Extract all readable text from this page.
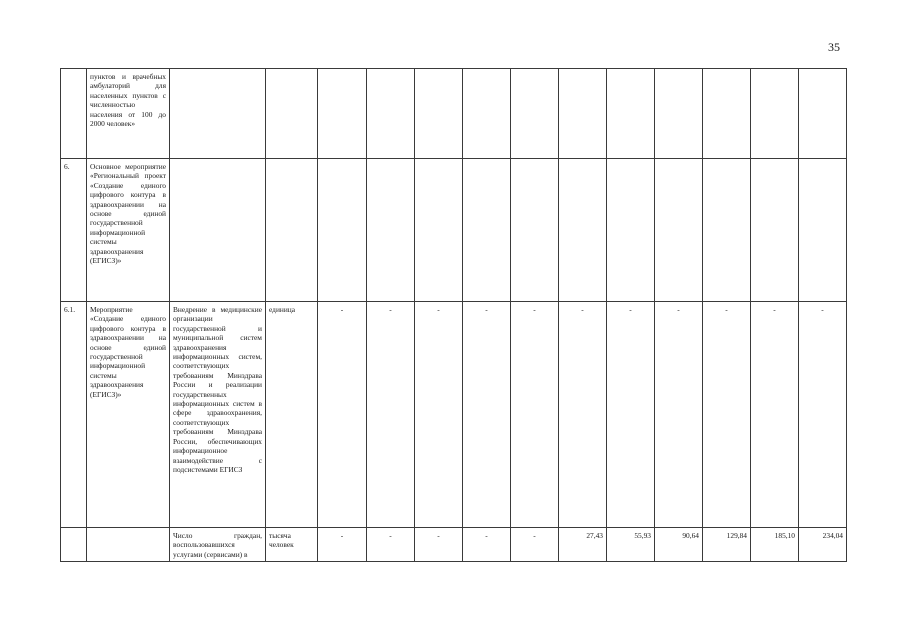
35
	пунктов и врачебных амбулаторий для населенных пунктов с численностью населения от 100 до 2000 человек»													
6.	Основное мероприятие «Региональный проект «Создание единого цифрового контура в здравоохранении на основе единой государственной информационной системы здравоохранения (ЕГИСЗ)»													
6.1.	Мероприятие «Создание единого цифрового контура в здравоохранении на основе единой государственной информационной системы здравоохранения (ЕГИСЗ)»	Внедрение в медицинские организации государственной и муниципальной систем здравоохранения информационных систем, соответствующих требованиям Минздрава России и реализации государственных информационных систем в сфере здравоохранения, соответствующих требованиям Минздрава России, обеспечивающих информационное взаимодействие с подсистемами ЕГИСЗ	единица	-	-	-	-	-	-	-	-	-	-	-

		Число граждан, воспользовавшихся услугами (сервисами) в	тысяча человек	-	-	-	-	-	27,43	55,93	90,64	129,84	185,10	234,04
